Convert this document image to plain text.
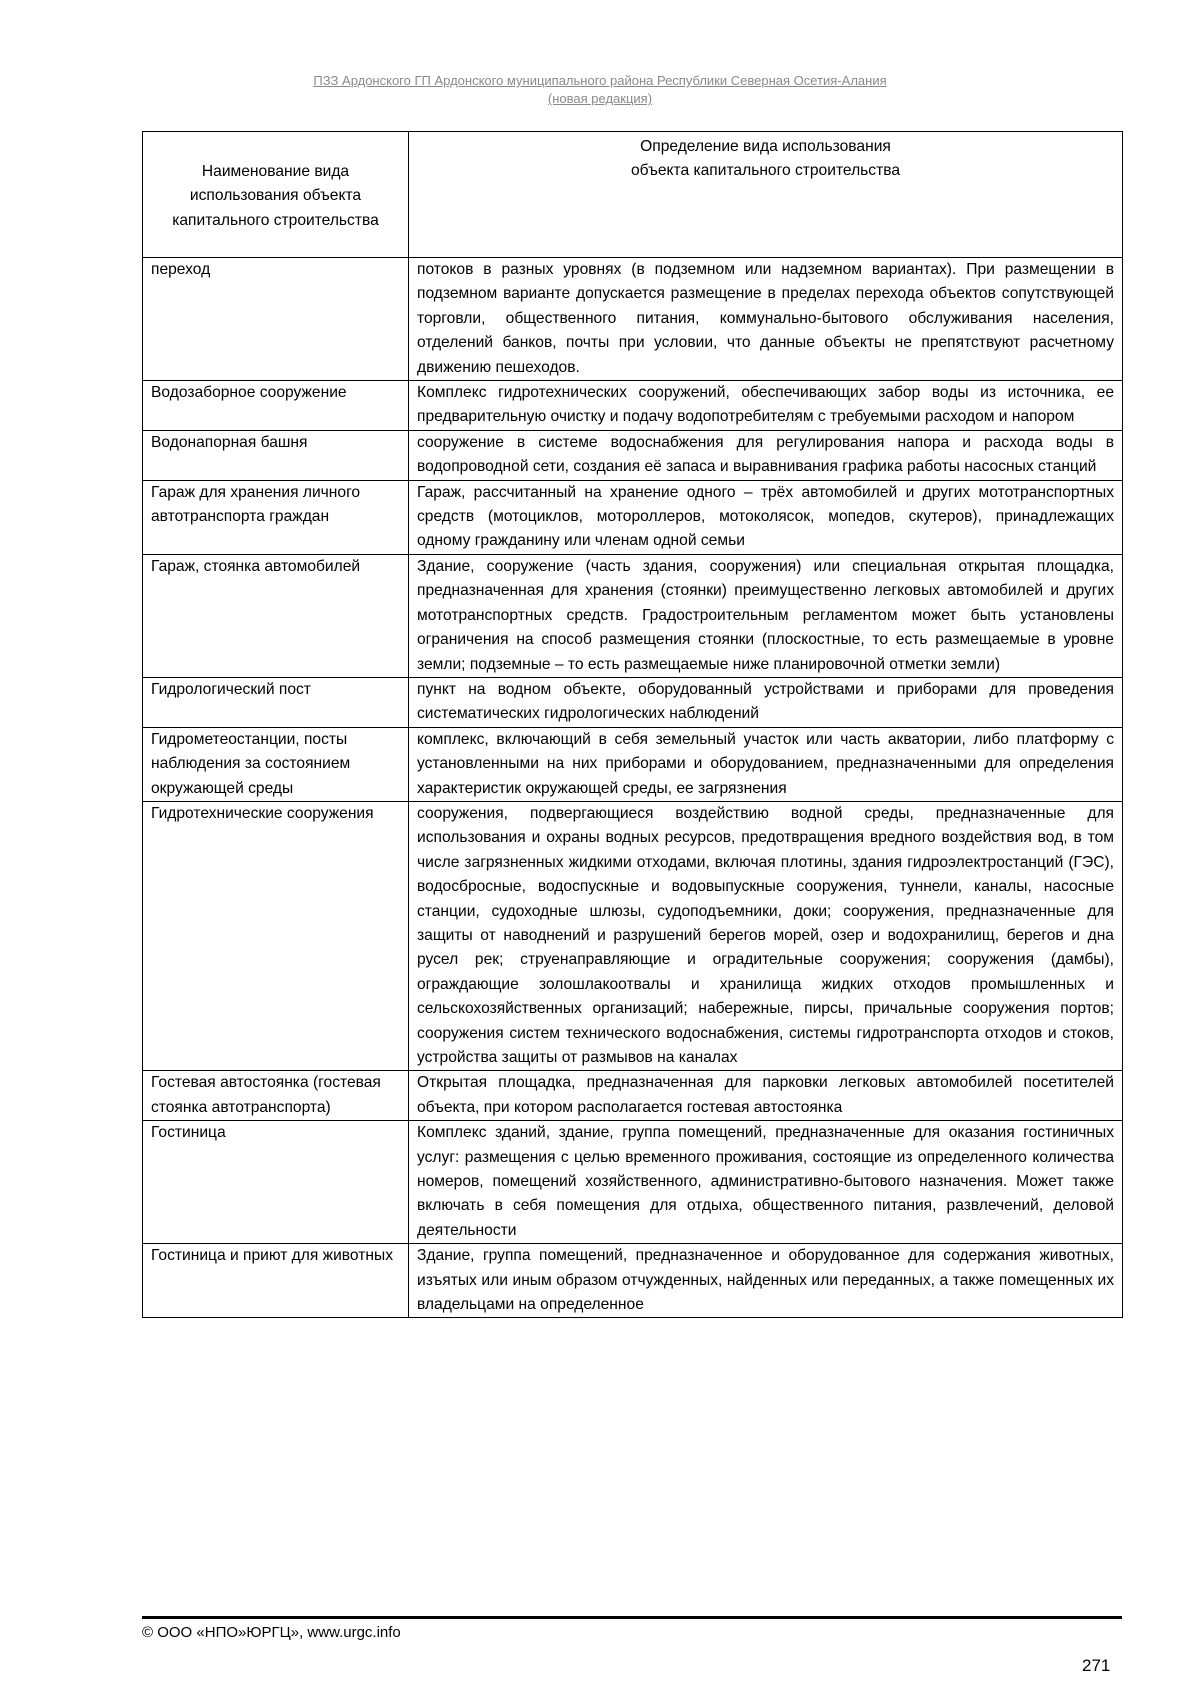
ПЗЗ Ардонского ГП Ардонского муниципального района Республики Северная Осетия-Алания
(новая редакция)
Наименование вида использования объекта капитального строительства	Определение вида использования
объекта капитального строительства

переход	потоков в разных уровнях (в подземном или надземном вариантах). При размещении в подземном варианте допускается размещение в пределах перехода объектов сопутствующей торговли, общественного питания, коммунально-бытового обслуживания населения, отделений банков, почты при условии, что данные объекты не препятствуют расчетному движению пешеходов.
Водозаборное сооружение	Комплекс гидротехнических сооружений, обеспечивающих забор воды из источника, ее предварительную очистку и подачу водопотребителям с требуемыми расходом и напором
Водонапорная башня	сооружение в системе водоснабжения для регулирования напора и расхода воды в водопроводной сети, создания её запаса и выравнивания графика работы насосных станций
Гараж для хранения личного автотранспорта граждан	Гараж, рассчитанный на хранение одного – трёх автомобилей и других мототранспортных средств (мотоциклов, мотороллеров, мотоколясок, мопедов, скутеров), принадлежащих одному гражданину или членам одной семьи
Гараж, стоянка автомобилей	Здание, сооружение (часть здания, сооружения) или специальная открытая площадка, предназначенная для хранения (стоянки) преимущественно легковых автомобилей и других мототранспортных средств. Градостроительным регламентом может быть установлены ограничения на способ размещения стоянки (плоскостные, то есть размещаемые в уровне земли; подземные – то есть размещаемые ниже планировочной отметки земли)
Гидрологический пост	пункт на водном объекте, оборудованный устройствами и приборами для проведения систематических гидрологических наблюдений
Гидрометеостанции, посты наблюдения за состоянием окружающей среды	комплекс, включающий в себя земельный участок или часть акватории, либо платформу с установленными на них приборами и оборудованием, предназначенными для определения характеристик окружающей среды, ее загрязнения
Гидротехнические сооружения	сооружения, подвергающиеся воздействию водной среды, предназначенные для использования и охраны водных ресурсов, предотвращения вредного воздействия вод, в том числе загрязненных жидкими отходами, включая плотины, здания гидроэлектростанций (ГЭС), водосбросные, водоспускные и водовыпускные сооружения, туннели, каналы, насосные станции, судоходные шлюзы, судоподъемники, доки; сооружения, предназначенные для защиты от наводнений и разрушений берегов морей, озер и водохранилищ, берегов и дна русел рек; струенаправляющие и оградительные сооружения; сооружения (дамбы), ограждающие золошлакоотвалы и хранилища жидких отходов промышленных и сельскохозяйственных организаций; набережные, пирсы, причальные сооружения портов; сооружения систем технического водоснабжения, системы гидротранспорта отходов и стоков, устройства защиты от размывов на каналах
Гостевая автостоянка (гостевая стоянка автотранспорта)	Открытая площадка, предназначенная для парковки легковых автомобилей посетителей объекта, при котором располагается гостевая автостоянка
Гостиница	Комплекс зданий, здание, группа помещений, предназначенные для оказания гостиничных услуг: размещения с целью временного проживания, состоящие из определенного количества номеров, помещений хозяйственного, административно-бытового назначения. Может также включать в себя помещения для отдыха, общественного питания, развлечений, деловой деятельности
Гостиница и приют для животных	Здание, группа помещений, предназначенное и оборудованное для содержания животных, изъятых или иным образом отчужденных, найденных или переданных, а также помещенных их владельцами на определенное
© ООО «НПО»ЮРГЦ», www.urgc.info
271
